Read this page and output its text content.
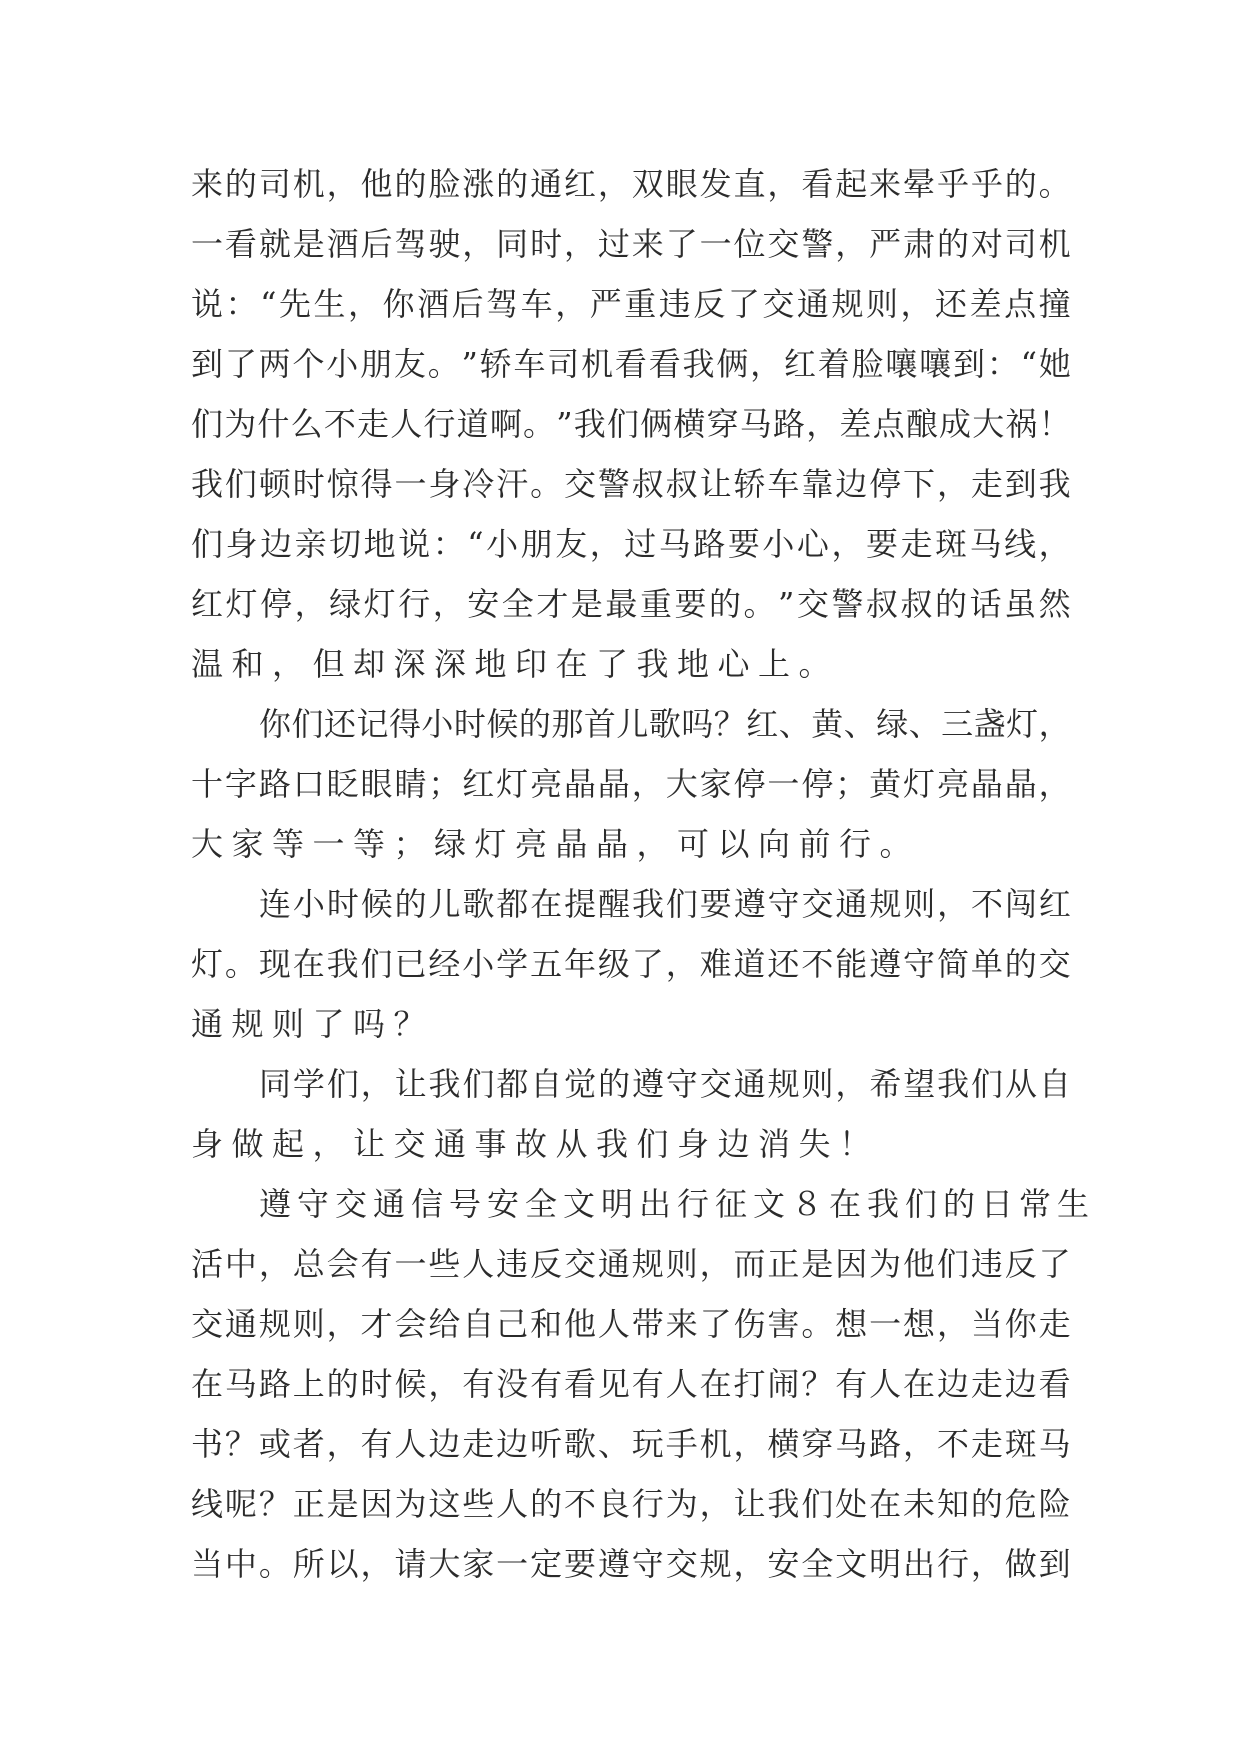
来 的 司 机 ， 他 的 脸 涨 的 通 红 ， 双 眼 发 直 ， 看 起 来 晕 乎 乎 的 。
一 看 就 是 酒 后 驾 驶 ， 同 时 ， 过 来 了 一 位 交 警 ， 严 肃 的 对 司 机
说 ： “ 先 生 ， 你 酒 后 驾 车 ， 严 重 违 反 了 交 通 规 则 ， 还 差 点 撞
到 了 两 个 小 朋 友 。 ” 轿 车 司 机 看 看 我 俩 ， 红 着 脸 嚷 嚷 到 ： “ 她
们 为 什 么 不 走 人 行 道 啊 。 ” 我 们 俩 横 穿 马 路 ， 差 点 酿 成 大 祸 ！
我 们 顿 时 惊 得 一 身 冷 汗 。 交 警 叔 叔 让 轿 车 靠 边 停 下 ， 走 到 我
们 身 边 亲 切 地 说 ： “ 小 朋 友 ， 过 马 路 要 小 心 ， 要 走 斑 马 线 ，
红 灯 停 ， 绿 灯 行 ， 安 全 才 是 最 重 要 的 。 ” 交 警 叔 叔 的 话 虽 然
温和，但却深深地印在了我地心上。
你 们 还 记 得 小 时 候 的 那 首 儿 歌 吗 ？ 红 、 黄 、 绿 、 三 盏 灯 ，
十 字 路 口 眨 眼 睛 ； 红 灯 亮 晶 晶 ， 大 家 停 一 停 ； 黄 灯 亮 晶 晶 ，
大家等一等；绿灯亮晶晶，可以向前行。
连 小 时 候 的 儿 歌 都 在 提 醒 我 们 要 遵 守 交 通 规 则 ， 不 闯 红
灯 。 现 在 我 们 已 经 小 学 五 年 级 了 ， 难 道 还 不 能 遵 守 简 单 的 交
通规则了吗？
同 学 们 ， 让 我 们 都 自 觉 的 遵 守 交 通 规 则 ， 希 望 我 们 从 自
身做起，让交通事故从我们身边消失！
遵守交通信号安全文明出行征文８ 在我们的日常生
活 中 ， 总 会 有 一 些 人 违 反 交 通 规 则 ， 而 正 是 因 为 他 们 违 反 了
交 通 规 则 ， 才 会 给 自 己 和 他 人 带 来 了 伤 害 。 想 一 想 ， 当 你 走
在 马 路 上 的 时 候 ， 有 没 有 看 见 有 人 在 打 闹 ？ 有 人 在 边 走 边 看
书 ？ 或 者 ， 有 人 边 走 边 听 歌 、 玩 手 机 ， 横 穿 马 路 ， 不 走 斑 马
线 呢 ？ 正 是 因 为 这 些 人 的 不 良 行 为 ， 让 我 们 处 在 未 知 的 危 险
当 中 。 所 以 ， 请 大 家 一 定 要 遵 守 交 规 ， 安 全 文 明 出 行 ， 做 到
